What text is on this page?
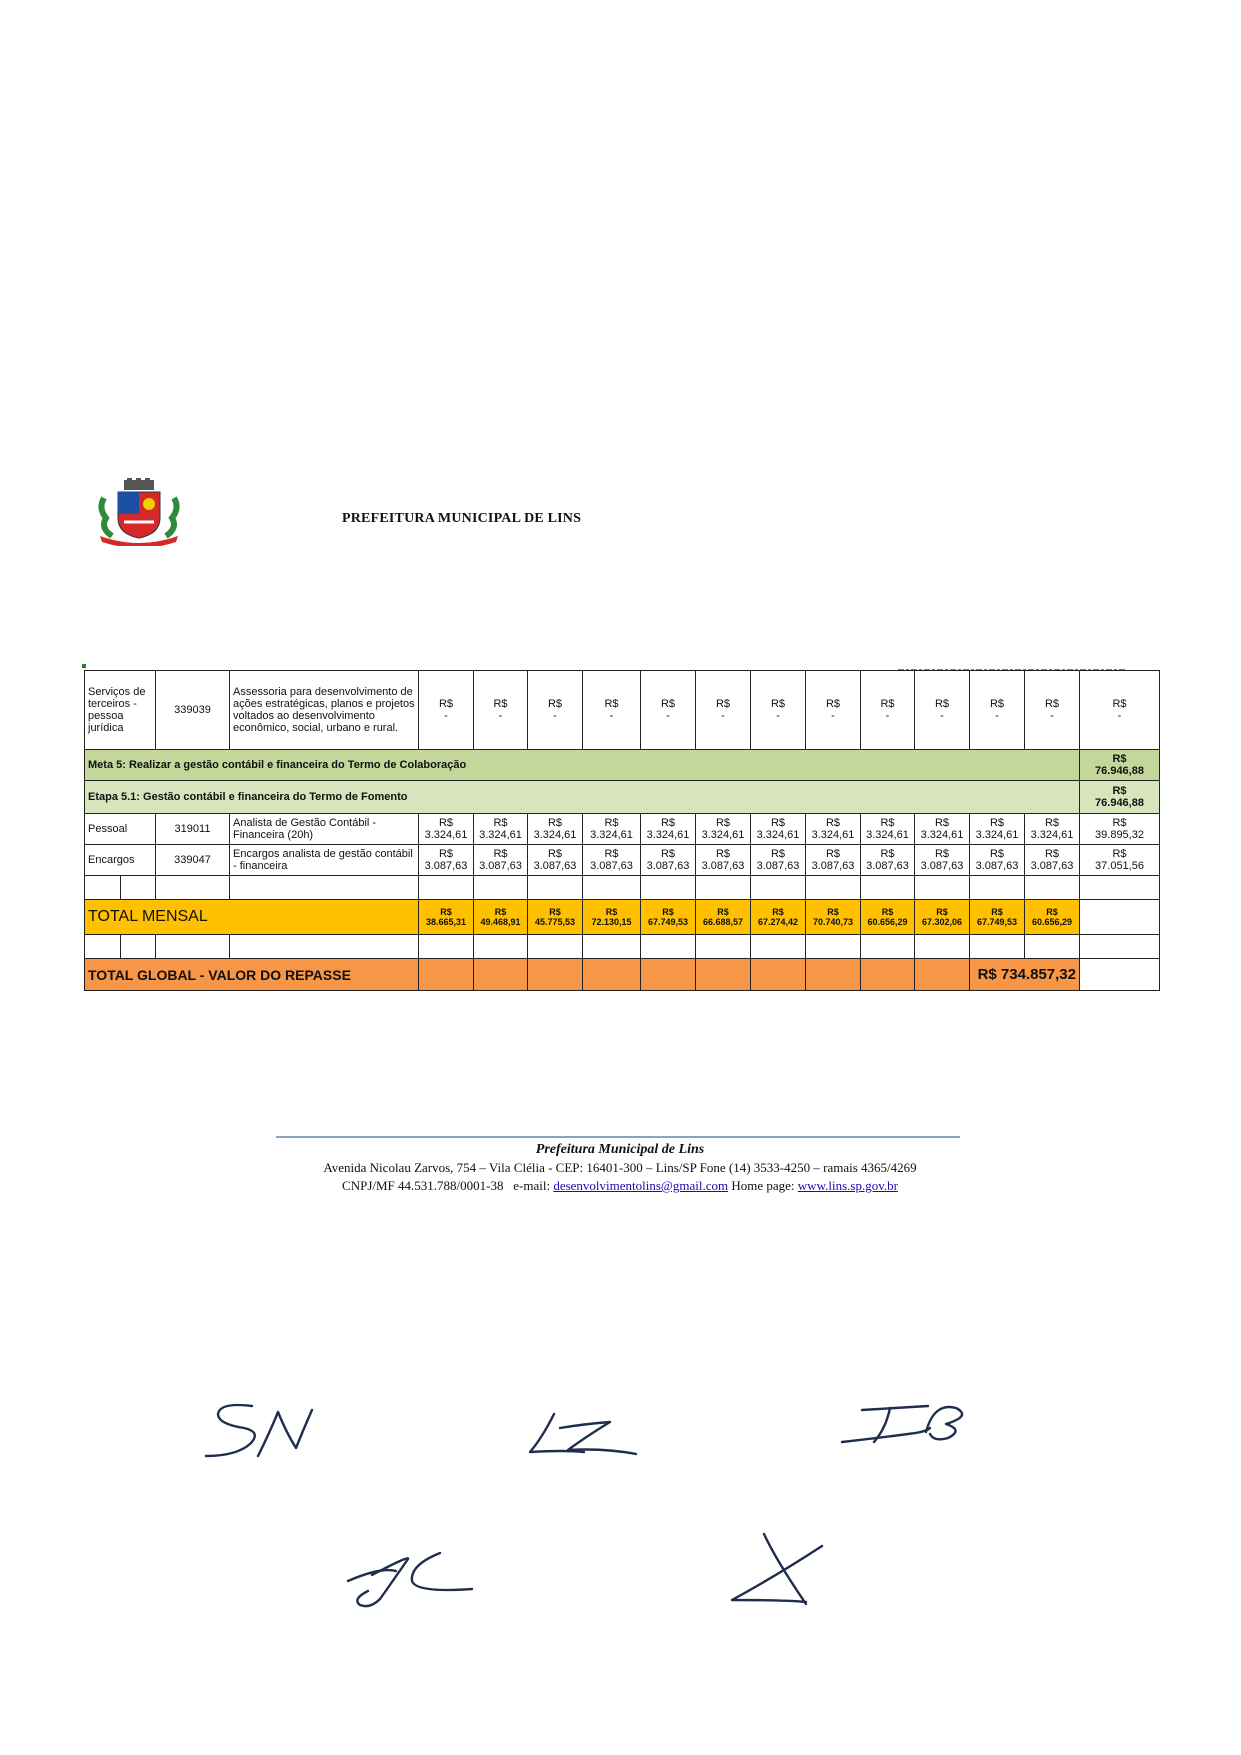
PREFEITURA MUNICIPAL DE LINS
Serviços de terceiros - pessoa jurídica		339039	Assessoria para desenvolvimento de ações estratégicas, planos e projetos voltados ao desenvolvimento econômico, social, urbano e rural.	R$
-	R$
-	R$
-	R$
-	R$
-	R$
-	R$
-	R$
-	R$
-	R$
-	R$
-	R$
-	R$
-

Meta 5: Realizar a gestão contábil e financeira do Termo de Colaboração																R$
76.946,88

Etapa 5.1: Gestão contábil e financeira do Termo de Fomento																R$
76.946,88

Pessoal		319011	Analista de Gestão Contábil - Financeira (20h)	R$
3.324,61	R$
3.324,61	R$
3.324,61	R$
3.324,61	R$
3.324,61	R$
3.324,61	R$
3.324,61	R$
3.324,61	R$
3.324,61	R$
3.324,61	R$
3.324,61	R$
3.324,61	R$
39.895,32

Encargos		339047	Encargos analista de gestão contábil - financeira	R$
3.087,63	R$
3.087,63	R$
3.087,63	R$
3.087,63	R$
3.087,63	R$
3.087,63	R$
3.087,63	R$
3.087,63	R$
3.087,63	R$
3.087,63	R$
3.087,63	R$
3.087,63	R$
37.051,56

TOTAL MENSAL				R$
38.665,31	R$
49.468,91	R$
45.775,53	R$
72.130,15	R$
67.749,53	R$
66.688,57	R$
67.274,42	R$
70.740,73	R$
60.656,29	R$
67.302,06	R$
67.749,53	R$
60.656,29	

TOTAL GLOBAL - VALOR DO REPASSE														R$ 734.857,32		
Prefeitura Municipal de Lins
Avenida Nicolau Zarvos, 754 – Vila Clélia - CEP: 16401-300 – Lins/SP Fone (14) 3533-4250 – ramais 4365/4269
CNPJ/MF 44.531.788/0001-38 e-mail: desenvolvimentolins@gmail.com Home page: www.lins.sp.gov.br
